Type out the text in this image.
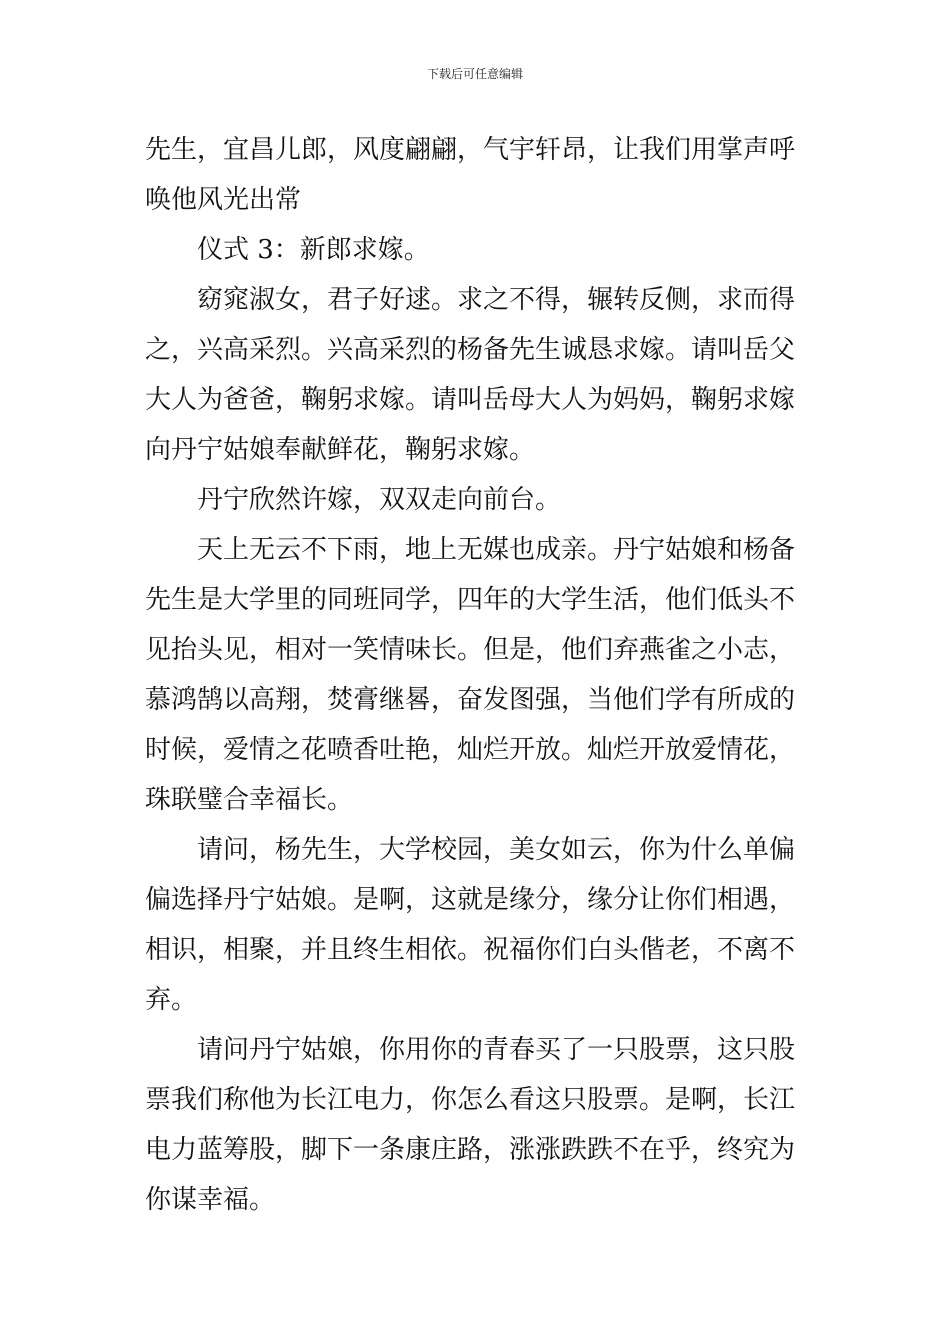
下载后可任意编辑
先生，宜昌儿郎，风度翩翩，气宇轩昂，让我们用掌声呼
唤他风光出常
仪式 3：新郎求嫁。
窈窕淑女，君子好逑。求之不得，辗转反侧，求而得
之，兴高采烈。兴高采烈的杨备先生诚恳求嫁。请叫岳父
大人为爸爸，鞠躬求嫁。请叫岳母大人为妈妈，鞠躬求嫁
向丹宁姑娘奉献鲜花，鞠躬求嫁。
丹宁欣然许嫁，双双走向前台。
天上无云不下雨，地上无媒也成亲。丹宁姑娘和杨备
先生是大学里的同班同学，四年的大学生活，他们低头不
见抬头见，相对一笑情味长。但是，他们弃燕雀之小志，
慕鸿鹄以高翔，焚膏继晷，奋发图强，当他们学有所成的
时候，爱情之花喷香吐艳，灿烂开放。灿烂开放爱情花，
珠联璧合幸福长。
请问，杨先生，大学校园，美女如云，你为什么单偏
偏选择丹宁姑娘。是啊，这就是缘分，缘分让你们相遇，
相识，相聚，并且终生相依。祝福你们白头偕老，不离不
弃。
请问丹宁姑娘，你用你的青春买了一只股票，这只股
票我们称他为长江电力，你怎么看这只股票。是啊，长江
电力蓝筹股，脚下一条康庄路，涨涨跌跌不在乎，终究为
你谋幸福。
